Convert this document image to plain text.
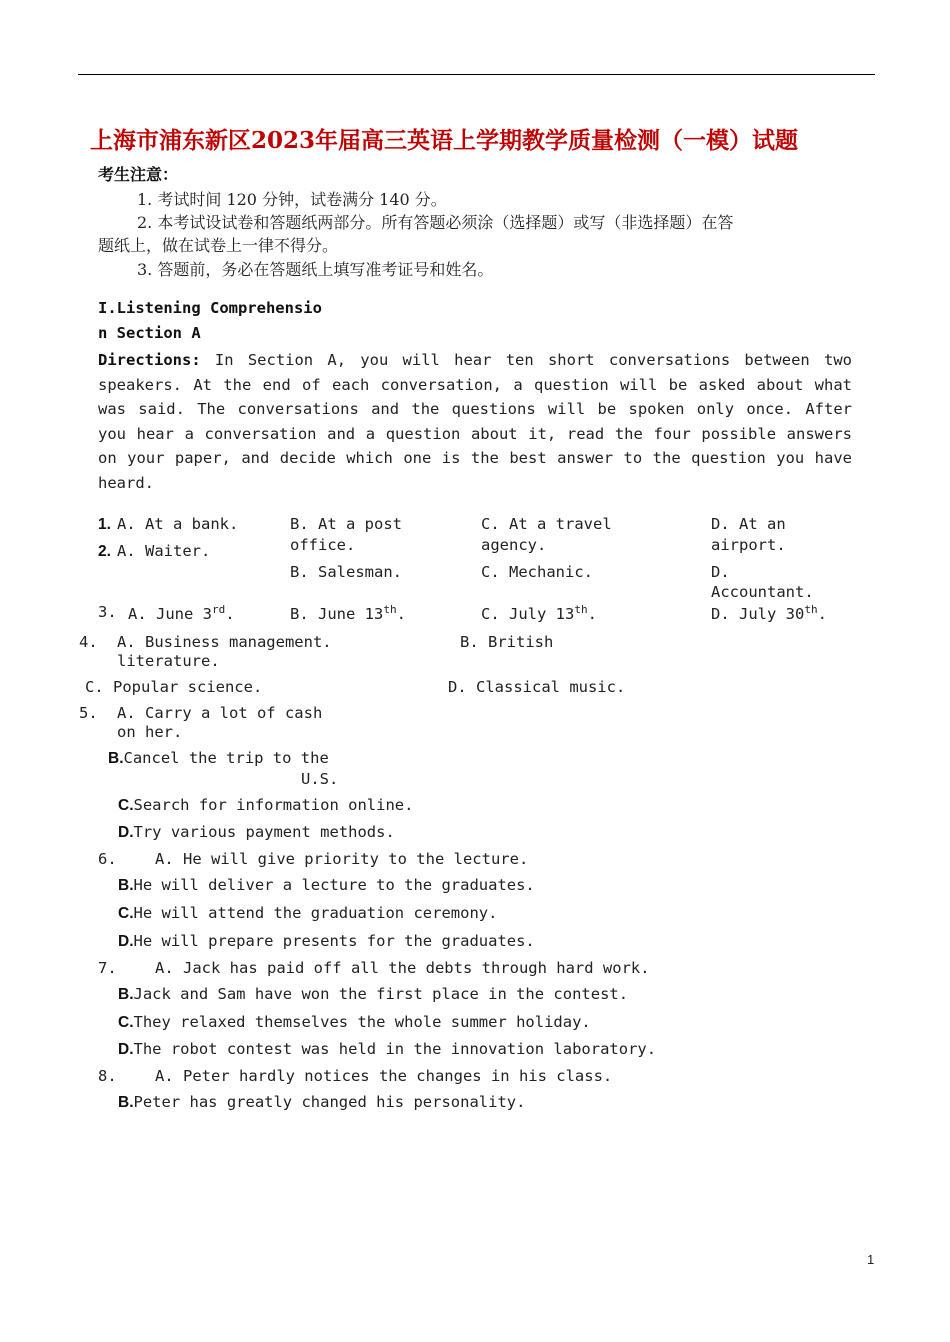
上海市浦东新区2023年届高三英语上学期教学质量检测（一模）试题
考生注意：
1. 考试时间 120 分钟，试卷满分 140 分。
2. 本考试设试卷和答题纸两部分。所有答题必须涂（选择题）或写（非选择题）在答
题纸上，做在试卷上一律不得分。
3. 答题前，务必在答题纸上填写准考证号和姓名。
I.Listening Comprehensio
n Section A
Directions: In Section A, you will hear ten short conversations between two speakers. At the end of each conversation, a question will be asked about what was said. The conversations and the questions will be spoken only once. After you hear a conversation and a question about it, read the four possible answers on your paper, and decide which one is the best answer to the question you have heard.
1. A. At a bank.	B. At a post
office.
C. At a travel
agency.
D. At an
airport.
2. A. Waiter.
B. Salesman.	C. Mechanic.	D.
Accountant.
3. A. June 3rd.	B. June 13th.	C. July 13th.	D. July 30th.
4. A. Business management.
literature.
B. British
C. Popular science.	D. Classical music.
5. A. Carry a lot of cash
on her.
B.Cancel the trip to the
U.S.
C.Search for information online.
D.Try various payment methods.
6. A. He will give priority to the lecture.
B.He will deliver a lecture to the graduates.
C.He will attend the graduation ceremony.
D.He will prepare presents for the graduates.
7. A. Jack has paid off all the debts through hard work.
B.Jack and Sam have won the first place in the contest.
C.They relaxed themselves the whole summer holiday.
D.The robot contest was held in the innovation laboratory.
8. A. Peter hardly notices the changes in his class.
B.Peter has greatly changed his personality.
1
